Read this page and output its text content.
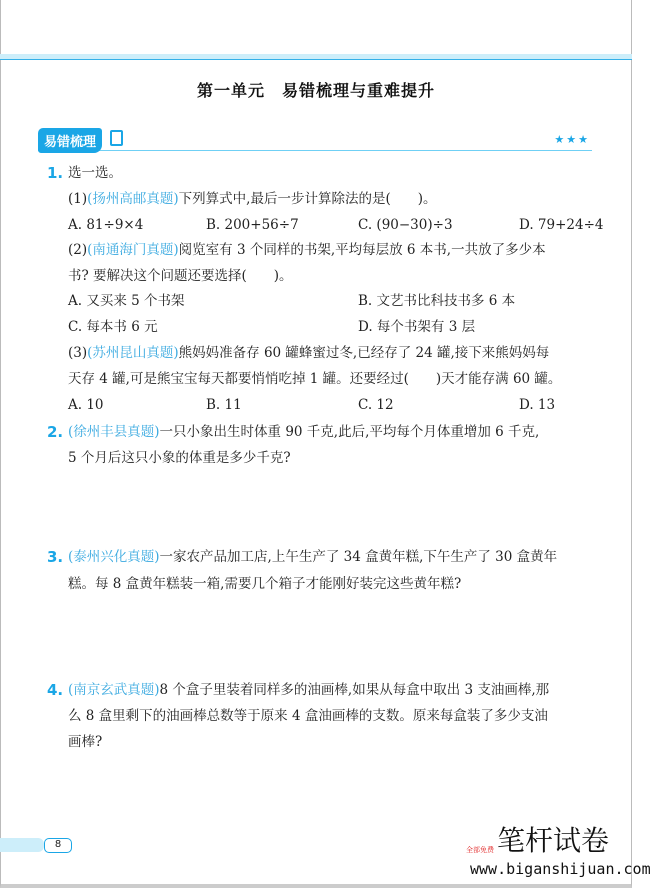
第一单元　易错梳理与重难提升
易错梳理	★★★
1. 选一选。
(1)(扬州高邮真题)下列算式中,最后一步计算除法的是(　　)。
A. 81÷9×4	B. 200+56÷7	C. (90−30)÷3	D. 79+24÷4
(2)(南通海门真题)阅览室有 3 个同样的书架,平均每层放 6 本书,一共放了多少本
书? 要解决这个问题还要选择(　　)。
A. 又买来 5 个书架	B. 文艺书比科技书多 6 本
C. 每本书 6 元	D. 每个书架有 3 层
(3)(苏州昆山真题)熊妈妈准备存 60 罐蜂蜜过冬,已经存了 24 罐,接下来熊妈妈每
天存 4 罐,可是熊宝宝每天都要悄悄吃掉 1 罐。还要经过(　　)天才能存满 60 罐。
A. 10	B. 11	C. 12	D. 13
2. (徐州丰县真题)一只小象出生时体重 90 千克,此后,平均每个月体重增加 6 千克,
5 个月后这只小象的体重是多少千克?
3. (泰州兴化真题)一家农产品加工店,上午生产了 34 盒黄年糕,下午生产了 30 盒黄年
糕。每 8 盒黄年糕装一箱,需要几个箱子才能刚好装完这些黄年糕?
4. (南京玄武真题)8 个盒子里装着同样多的油画棒,如果从每盒中取出 3 支油画棒,那
么 8 盒里剩下的油画棒总数等于原来 4 盒油画棒的支数。原来每盒装了多少支油
画棒?
8	笔杆试卷
全部免费
www.biganshijuan.com
